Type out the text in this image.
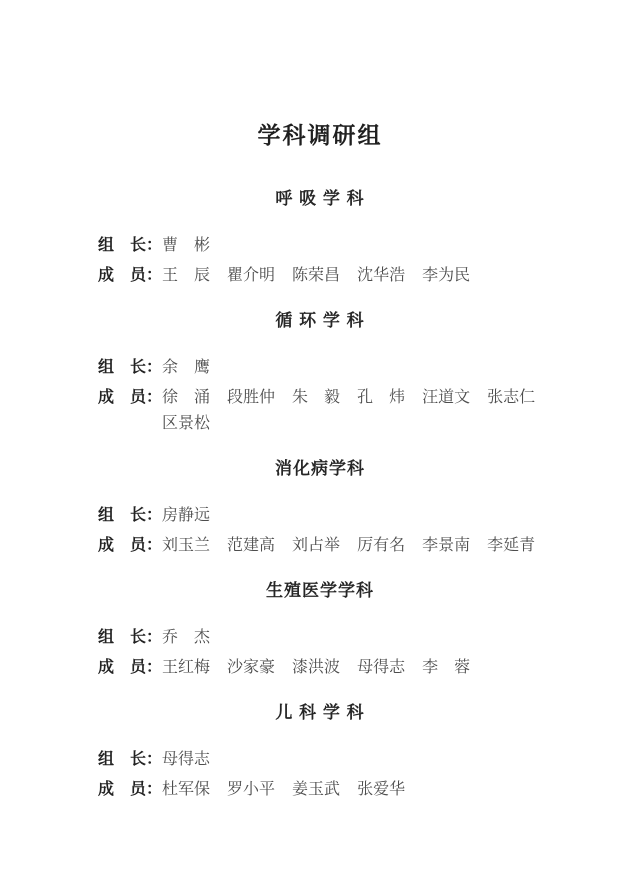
学科调研组
呼 吸 学 科
组　长： 曹　彬
成　员： 王　辰 瞿介明 陈荣昌 沈华浩 李为民
循 环 学 科
组　长： 余　鹰
成　员： 徐　涌 段胜仲 朱　毅 孔　炜 汪道文 张志仁
区景松
消化病学科
组　长： 房静远
成　员： 刘玉兰 范建高 刘占举 厉有名 李景南 李延青
生殖医学学科
组　长： 乔　杰
成　员： 王红梅 沙家豪 漆洪波 母得志 李　蓉
儿 科 学 科
组　长： 母得志
成　员： 杜军保 罗小平 姜玉武 张爱华
